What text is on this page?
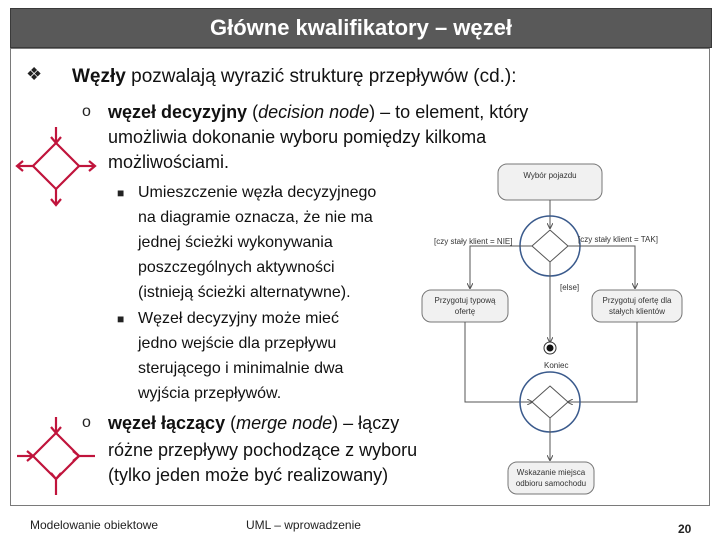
Główne kwalifikatory – węzeł
❖ Węzły pozwalają wyrazić strukturę przepływów (cd.):
o węzeł decyzyjny (decision node) – to element, który
umożliwia dokonanie wyboru pomiędzy kilkoma
możliwościami.
■ Umieszczenie węzła decyzyjnego
na diagramie oznacza, że nie ma
jednej ścieżki wykonywania
poszczególnych aktywności
(istnieją ścieżki alternatywne).
■ Węzeł decyzyjny może mieć
jedno wejście dla przepływu
sterującego i minimalnie dwa
wyjścia przepływów.
o węzeł łączący (merge node) – łączy
różne przepływy pochodzące z wyboru
(tylko jeden może być realizowany)
Wybór pojazdu
[czy stały klient = NIE]	[czy stały klient = TAK]
[else]
Przygotuj typową
ofertę
Przygotuj ofertę dla
stałych klientów
Koniec
Wskazanie miejsca
odbioru samochodu
Modelowanie obiektowe	UML – wprowadzenie	20
